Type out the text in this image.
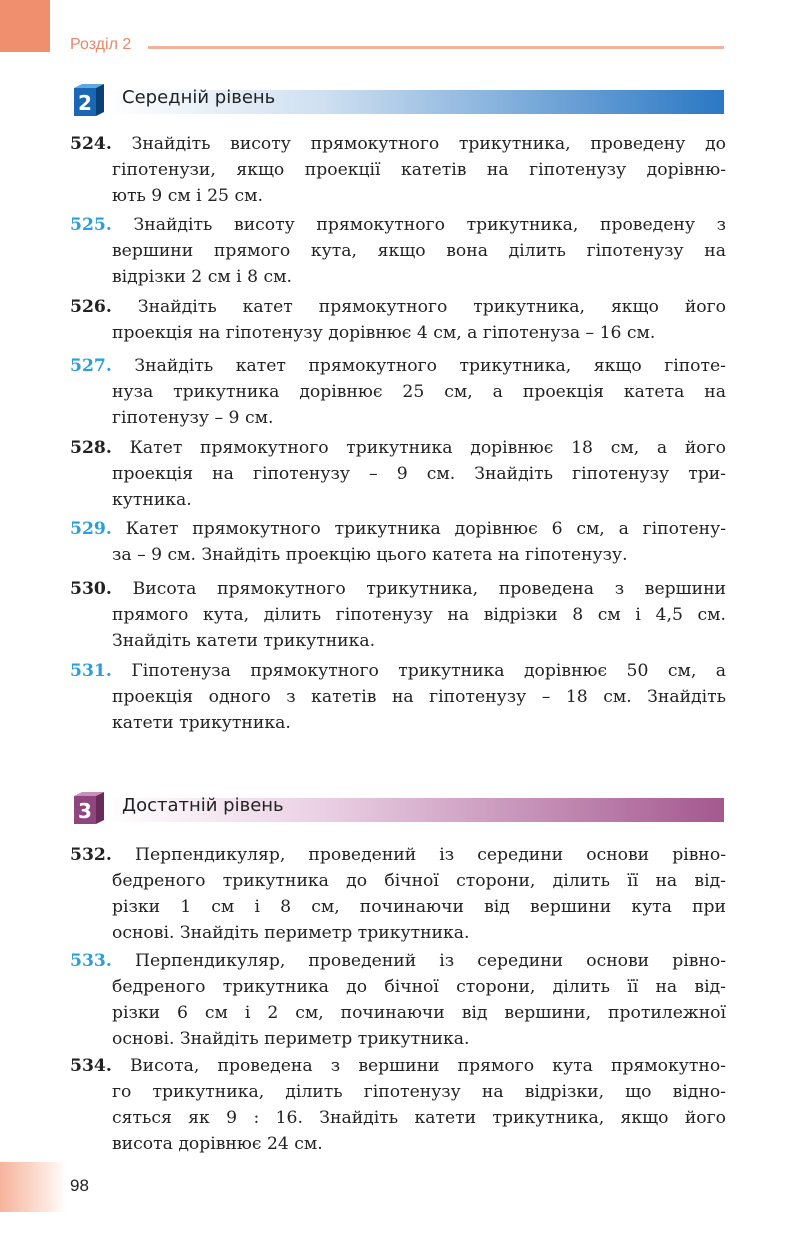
Розділ 2
2 Середній рівень
524. Знайдіть висоту прямокутного трикутника, проведену до
гіпотенузи, якщо проекції катетів на гіпотенузу дорівню-
ють 9 см і 25 см.
525. Знайдіть висоту прямокутного трикутника, проведену з
вершини прямого кута, якщо вона ділить гіпотенузу на
відрізки 2 см і 8 см.
526. Знайдіть катет прямокутного трикутника, якщо його
проекція на гіпотенузу дорівнює 4 см, а гіпотенуза – 16 см.
527. Знайдіть катет прямокутного трикутника, якщо гіпоте-
нуза трикутника дорівнює 25 см, а проекція катета на
гіпотенузу – 9 см.
528. Катет прямокутного трикутника дорівнює 18 см, а його
проекція на гіпотенузу – 9 см. Знайдіть гіпотенузу три-
кутника.
529. Катет прямокутного трикутника дорівнює 6 см, а гіпотену-
за – 9 см. Знайдіть проекцію цього катета на гіпотенузу.
530. Висота прямокутного трикутника, проведена з вершини
прямого кута, ділить гіпотенузу на відрізки 8 см і 4,5 см.
Знайдіть катети трикутника.
531. Гіпотенуза прямокутного трикутника дорівнює 50 см, а
проекція одного з катетів на гіпотенузу – 18 см. Знайдіть
катети трикутника.
3 Достатній рівень
532. Перпендикуляр, проведений із середини основи рівно-
бедреного трикутника до бічної сторони, ділить її на від-
різки 1 см і 8 см, починаючи від вершини кута при
основі. Знайдіть периметр трикутника.
533. Перпендикуляр, проведений із середини основи рівно-
бедреного трикутника до бічної сторони, ділить її на від-
різки 6 см і 2 см, починаючи від вершини, протилежної
основі. Знайдіть периметр трикутника.
534. Висота, проведена з вершини прямого кута прямокутно-
го трикутника, ділить гіпотенузу на відрізки, що відно-
сяться як 9 : 16. Знайдіть катети трикутника, якщо його
висота дорівнює 24 см.
98
